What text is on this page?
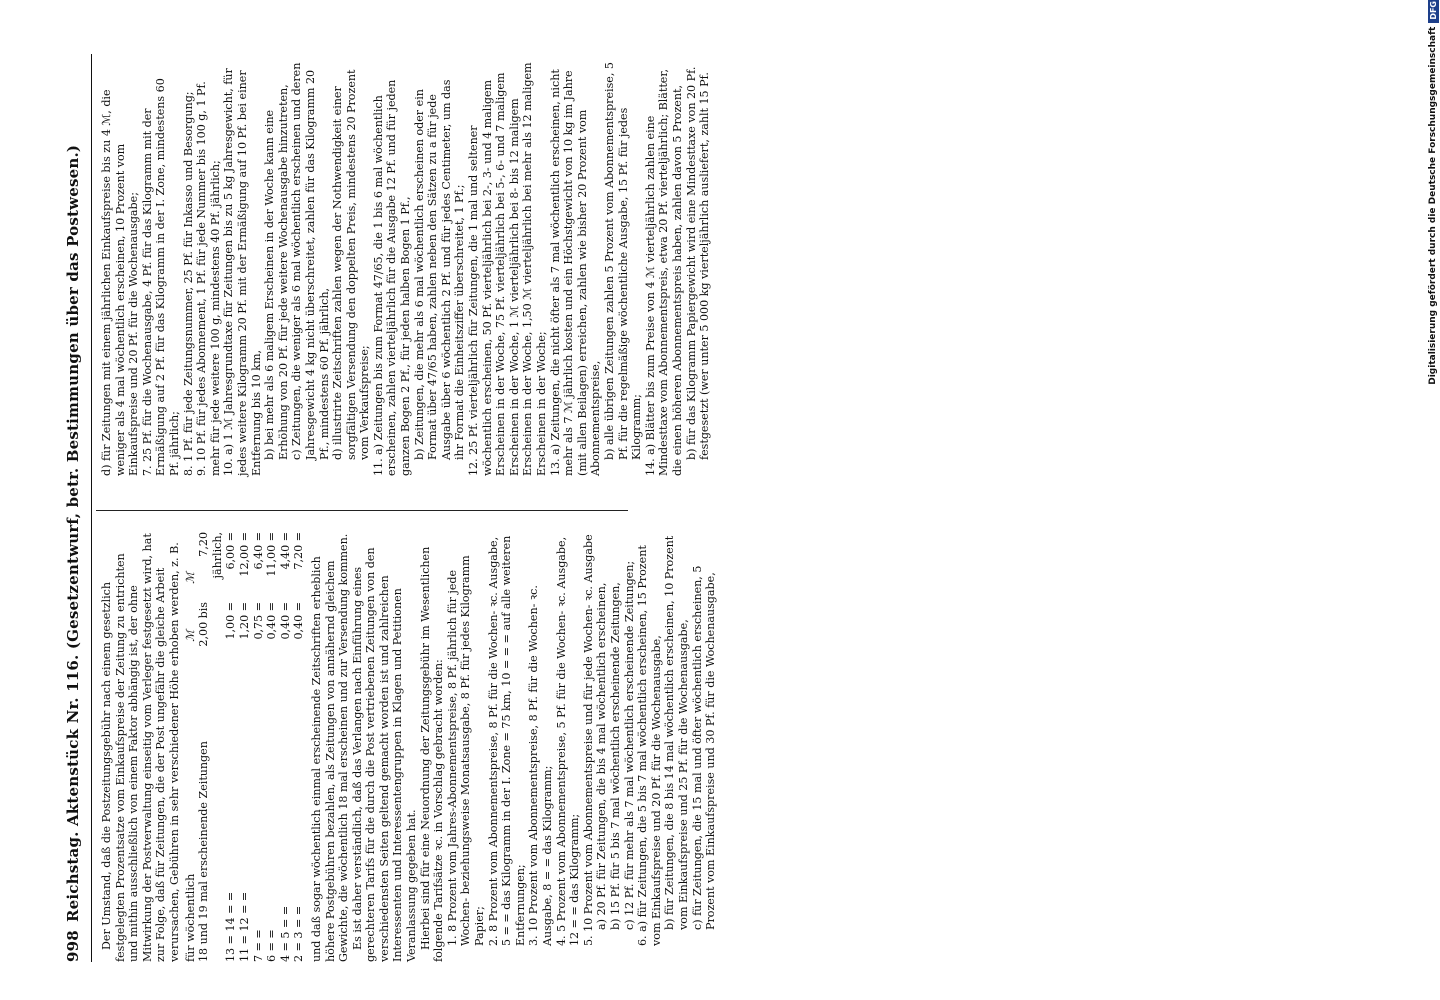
998
Reichstag. Aktenstück Nr. 116. (Gesetzentwurf, betr. Bestimmungen über das Postwesen.) Der Umstand, daß die Postzeitungsgebühr nach einem gesetzlich festgelegten Prozentsatze vom Einkaufspreise der Zeitung zu entrichten und mithin ausschließlich von einem Faktor abhängig ist, der ohne Mitwirkung der Postverwaltung einseitig vom Verleger festgesetzt wird, hat zur Folge, daß für Zeitungen, die der Post ungefähr die gleiche Arbeit verursachen, Gebühren in sehr verschiedener Höhe erhoben werden, z. B. für wöchentlich
ℳ
ℳ
18 und 19 mal erscheinende Zeitungen
2,00 bis
7,20 jährlich,
13 = 14 = =
1,00 =
6,00 =
11 = 12 = =
1,20 =
12,00 =
7 = =
0,75 =
6,40 =
6 = =
0,40 =
11,00 =
4 = 5 = =
0,40 =
4,40 =
2 = 3 = =
0,40 =
7,20 =

und daß sogar wöchentlich einmal erscheinende Zeitschriften erheblich höhere Postgebühren bezahlen, als Zeitungen von annähernd gleichem Gewichte, die wöchentlich 18 mal erscheinen und zur Versendung kommen. Es ist daher verständlich, daß das Verlangen nach Einführung eines gerechteren Tarifs für die durch die Post vertriebenen Zeitungen von den verschiedensten Seiten geltend gemacht worden ist und zahlreichen Interessenten und Interessentengruppen in Klagen und Petitionen Veranlassung gegeben hat. Hierbei sind für eine Neuordnung der Zeitungsgebühr im Wesentlichen folgende Tarifsätze ꝛc. in Vorschlag gebracht worden: 1. 8 Prozent vom Jahres-Abonnementspreise, 8 Pf. jährlich für jede Wochen- beziehungsweise Monatsausgabe, 8 Pf. für jedes Kilogramm Papier; 2. 8 Prozent vom Abonnementspreise, 8 Pf. für die Wochen- ꝛc. Ausgabe, 5 = = das Kilogramm in der I. Zone = 75 km, 10 = = = auf alle weiteren Entfernungen; 3. 10 Prozent vom Abonnementspreise, 8 Pf. für die Wochen- ꝛc. Ausgabe, 8 = = das Kilogramm; 4. 5 Prozent vom Abonnementspreise, 5 Pf. für die Wochen- ꝛc. Ausgabe, 12 = = das Kilogramm; 5. 10 Prozent vom Abonnementspreise und für jede Wochen- ꝛc. Ausgabe a) 20 Pf. für Zeitungen, die bis 4 mal wöchentlich erscheinen, b) 15 Pf. für 5 bis 7 mal wöchentlich erscheinende Zeitungen, c) 12 Pf. für mehr als 7 mal wöchentlich erscheinende Zeitungen; 6. a) für Zeitungen, die 5 bis 7 mal wöchentlich erscheinen, 15 Prozent vom Einkaufspreise und 20 Pf. für die Wochenausgabe, b) für Zeitungen, die 8 bis 14 mal wöchentlich erscheinen, 10 Prozent vom Einkaufspreise und 25 Pf. für die Wochenausgabe, c) für Zeitungen, die 15 mal und öfter wöchentlich erscheinen, 5 Prozent vom Einkaufspreise und 30 Pf. für die Wochenausgabe,

d) für Zeitungen mit einem jährlichen Einkaufspreise bis zu 4 ℳ, die weniger als 4 mal wöchentlich erscheinen, 10 Prozent vom Einkaufspreise und 20 Pf. für die Wochenausgabe; 7. 25 Pf. für die Wochenausgabe, 4 Pf. für das Kilogramm mit der Ermäßigung auf 2 Pf. für das Kilogramm in der I. Zone, mindestens 60 Pf. jährlich; 8. 1 Pf. für jede Zeitungsnummer, 25 Pf. für Inkasso und Besorgung; 9. 10 Pf. für jedes Abonnement, 1 Pf. für jede Nummer bis 100 g, 1 Pf. mehr für jede weitere 100 g, mindestens 40 Pf. jährlich; 10. a) 1 ℳ Jahresgrundtaxe für Zeitungen bis zu 5 kg Jahresgewicht, für jedes weitere Kilogramm 20 Pf. mit der Ermäßigung auf 10 Pf. bei einer Entfernung bis 10 km, b) bei mehr als 6 maligem Erscheinen in der Woche kann eine Erhöhung von 20 Pf. für jede weitere Wochenausgabe hinzutreten, c) Zeitungen, die weniger als 6 mal wöchentlich erscheinen und deren Jahresgewicht 4 kg nicht überschreitet, zahlen für das Kilogramm 20 Pf., mindestens 60 Pf. jährlich, d) illustrirte Zeitschriften zahlen wegen der Nothwendigkeit einer sorgfältigen Versendung den doppelten Preis, mindestens 20 Prozent vom Verkaufspreise; 11. a) Zeitungen bis zum Format 47/65, die 1 bis 6 mal wöchentlich erscheinen, zahlen vierteljährlich für die Ausgabe 12 Pf. und für jeden ganzen Bogen 2 Pf., für jeden halben Bogen 1 Pf., b) Zeitungen, die mehr als 6 mal wöchentlich erscheinen oder ein Format über 47/65 haben, zahlen neben den Sätzen zu a für jede Ausgabe über 6 wöchentlich 2 Pf. und für jedes Centimeter, um das ihr Format die Einheitsziffer überschreitet, 1 Pf.; 12. 25 Pf. vierteljährlich für Zeitungen, die 1 mal und seltener wöchentlich erscheinen, 50 Pf. vierteljährlich bei 2-, 3- und 4 maligem Erscheinen in der Woche, 75 Pf. vierteljährlich bei 5-, 6- und 7 maligem Erscheinen in der Woche, 1 ℳ vierteljährlich bei 8- bis 12 maligem Erscheinen in der Woche, 1,50 ℳ vierteljährlich bei mehr als 12 maligem Erscheinen in der Woche; 13. a) Zeitungen, die nicht öfter als 7 mal wöchentlich erscheinen, nicht mehr als 7 ℳ jährlich kosten und ein Höchstgewicht von 10 kg im Jahre (mit allen Beilagen) erreichen, zahlen wie bisher 20 Prozent vom Abonnementspreise, b) alle übrigen Zeitungen zahlen 5 Prozent vom Abonnementspreise, 5 Pf. für die regelmäßige wöchentliche Ausgabe, 15 Pf. für jedes Kilogramm; 14. a) Blätter bis zum Preise von 4 ℳ vierteljährlich zahlen eine Mindesttaxe vom Abonnementspreis, etwa 20 Pf. vierteljährlich; Blätter, die einen höheren Abonnementspreis haben, zahlen davon 5 Prozent, b) für das Kilogramm Papiergewicht wird eine Mindesttaxe von 20 Pf. festgesetzt (wer unter 5 000 kg vierteljährlich ausliefert, zahlt 15 Pf.	Digitalisierung gefördert durch die Deutsche Forschungsgemeinschaft
DFG
